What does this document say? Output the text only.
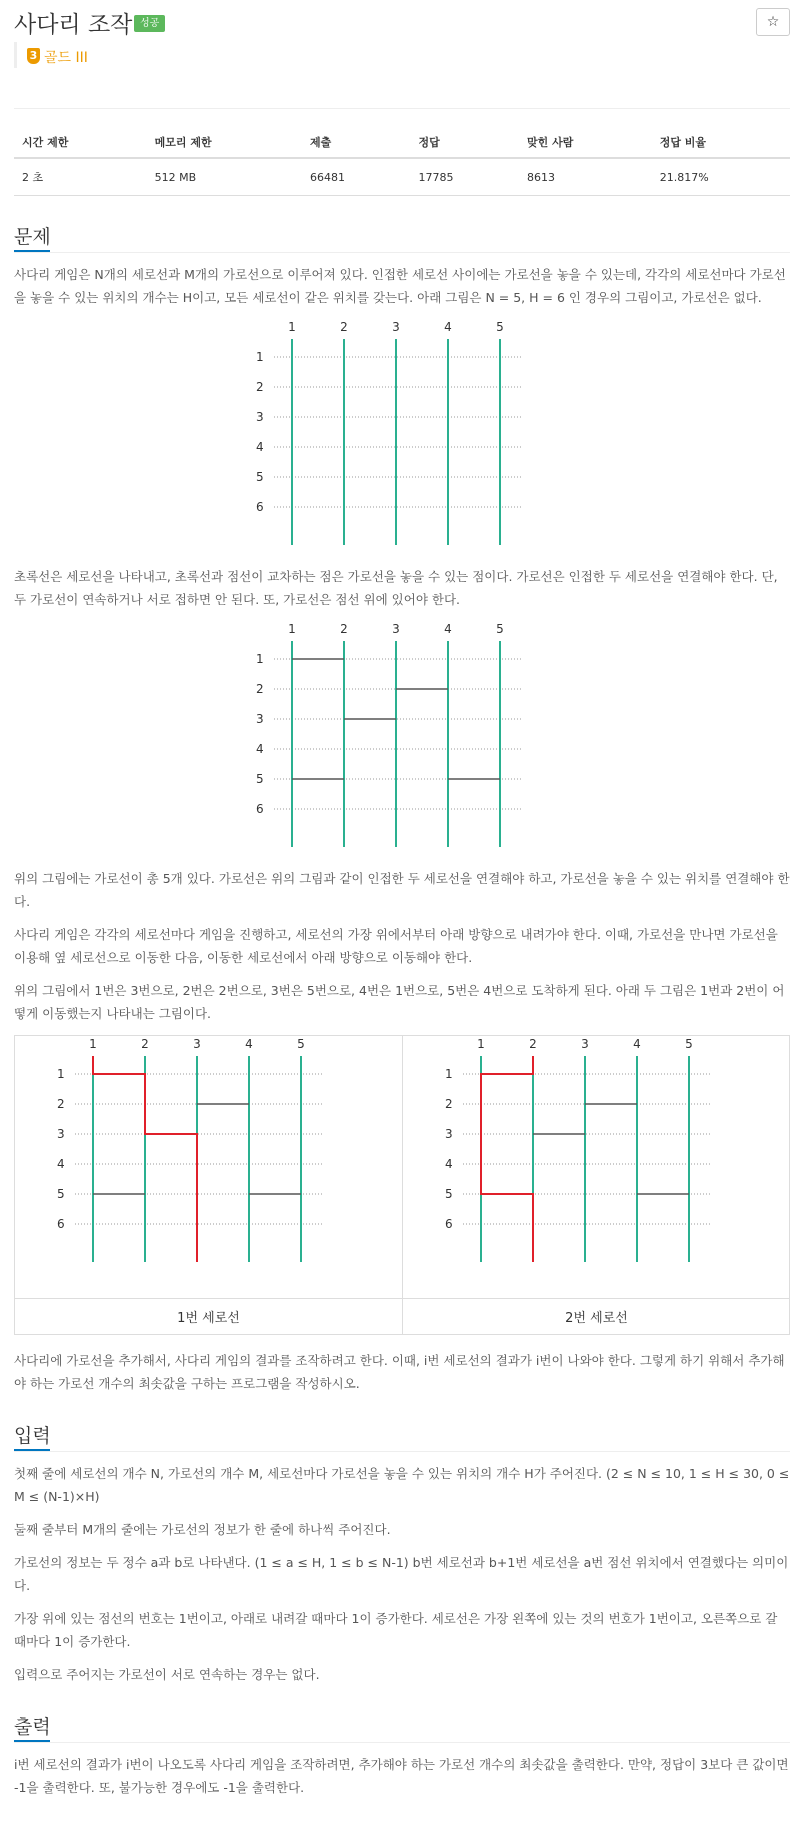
사다리 조작 성공	☆
3 골드 III
시간 제한	메모리 제한	제출	정답	맞힌 사람	정답 비율
2 초	512 MB	66481	17785	8613	21.817%
문제

사다리 게임은 N개의 세로선과 M개의 가로선으로 이루어져 있다. 인접한 세로선 사이에는 가로선을 놓을 수 있는데, 각각의 세로선마다 가로선을 놓을 수 있는 위치의 개수는 H이고, 모든 세로선이 같은 위치를 갖는다. 아래 그림은 N = 5, H = 6 인 경우의 그림이고, 가로선은 없다.

1	2	3	4	5
1
2
3
4
5
6

초록선은 세로선을 나타내고, 초록선과 점선이 교차하는 점은 가로선을 놓을 수 있는 점이다. 가로선은 인접한 두 세로선을 연결해야 한다. 단, 두 가로선이 연속하거나 서로 접하면 안 된다. 또, 가로선은 점선 위에 있어야 한다.

1	2	3	4	5
1
2
3
4
5
6

위의 그림에는 가로선이 총 5개 있다. 가로선은 위의 그림과 같이 인접한 두 세로선을 연결해야 하고, 가로선을 놓을 수 있는 위치를 연결해야 한다.

사다리 게임은 각각의 세로선마다 게임을 진행하고, 세로선의 가장 위에서부터 아래 방향으로 내려가야 한다. 이때, 가로선을 만나면 가로선을 이용해 옆 세로선으로 이동한 다음, 이동한 세로선에서 아래 방향으로 이동해야 한다.

위의 그림에서 1번은 3번으로, 2번은 2번으로, 3번은 5번으로, 4번은 1번으로, 5번은 4번으로 도착하게 된다. 아래 두 그림은 1번과 2번이 어떻게 이동했는지 나타내는 그림이다.

1	2	3	4	5
1
2
3
4
5
6
1번 세로선
1	2	3	4	5
1
2
3
4
5
6
2번 세로선

사다리에 가로선을 추가해서, 사다리 게임의 결과를 조작하려고 한다. 이때, i번 세로선의 결과가 i번이 나와야 한다. 그렇게 하기 위해서 추가해야 하는 가로선 개수의 최솟값을 구하는 프로그램을 작성하시오.

입력

첫째 줄에 세로선의 개수 N, 가로선의 개수 M, 세로선마다 가로선을 놓을 수 있는 위치의 개수 H가 주어진다. (2 ≤ N ≤ 10, 1 ≤ H ≤ 30, 0 ≤ M ≤ (N-1)×H)

둘째 줄부터 M개의 줄에는 가로선의 정보가 한 줄에 하나씩 주어진다.

가로선의 정보는 두 정수 a과 b로 나타낸다. (1 ≤ a ≤ H, 1 ≤ b ≤ N-1) b번 세로선과 b+1번 세로선을 a번 점선 위치에서 연결했다는 의미이다.

가장 위에 있는 점선의 번호는 1번이고, 아래로 내려갈 때마다 1이 증가한다. 세로선은 가장 왼쪽에 있는 것의 번호가 1번이고, 오른쪽으로 갈 때마다 1이 증가한다.

입력으로 주어지는 가로선이 서로 연속하는 경우는 없다.

출력

i번 세로선의 결과가 i번이 나오도록 사다리 게임을 조작하려면, 추가해야 하는 가로선 개수의 최솟값을 출력한다. 만약, 정답이 3보다 큰 값이면 -1을 출력한다. 또, 불가능한 경우에도 -1을 출력한다.
